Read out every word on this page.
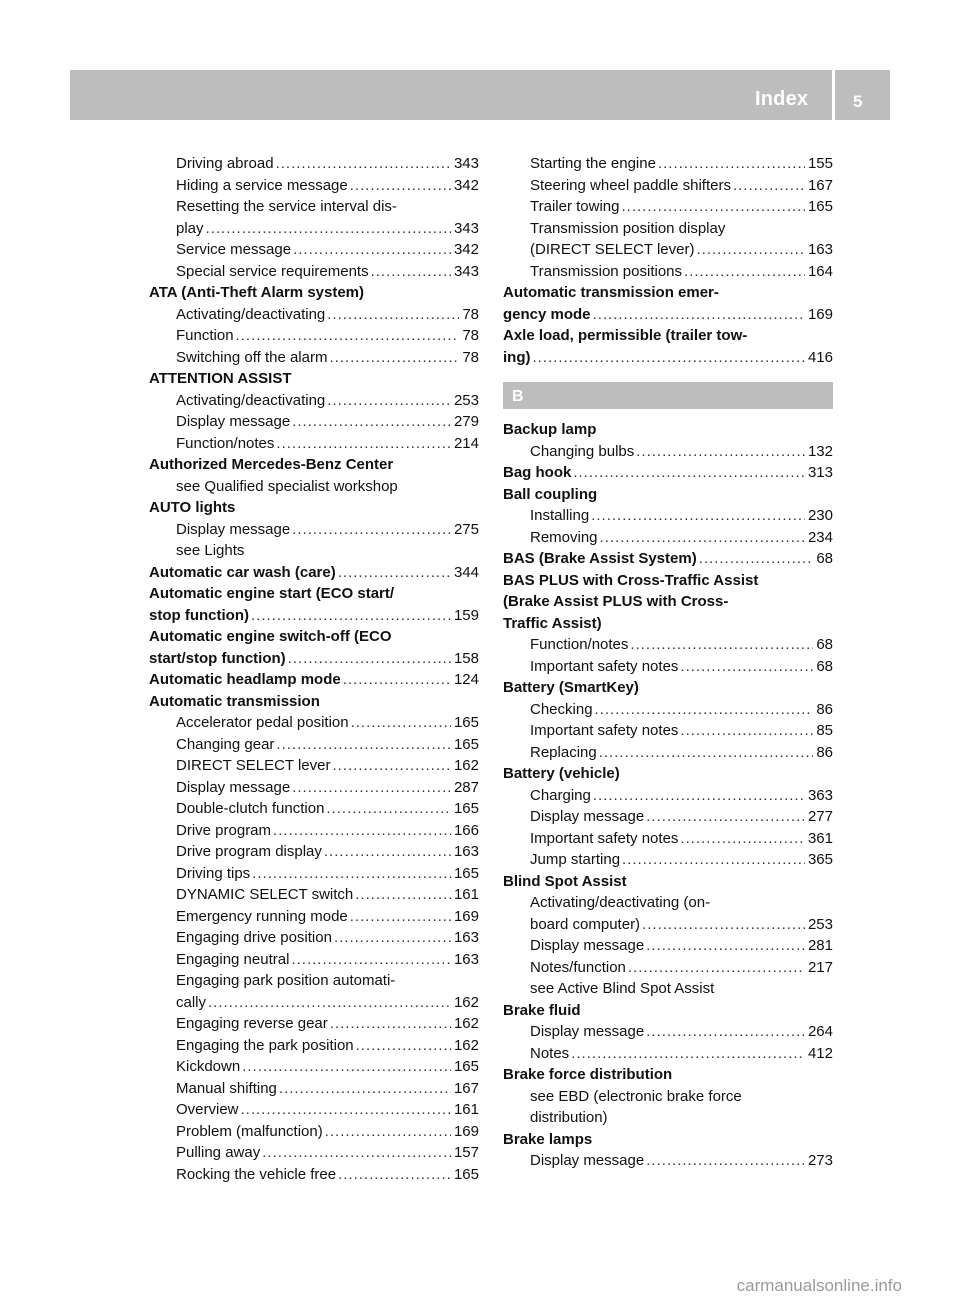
Index	5
Driving abroad .....	343
Hiding a service message .....	342
Resetting the service interval dis-
play .....	343
Service message .....	342
Special service requirements .....	343
ATA (Anti-Theft Alarm system)
Activating/deactivating .....	78
Function .....	78
Switching off the alarm .....	78
ATTENTION ASSIST
Activating/deactivating .....	253
Display message .....	279
Function/notes .....	214
Authorized Mercedes-Benz Center
see Qualified specialist workshop
AUTO lights
Display message .....	275
see Lights
Automatic car wash (care) .....	344
Automatic engine start (ECO start/
stop function) .....	159
Automatic engine switch-off (ECO
start/stop function) .....	158
Automatic headlamp mode .....	124
Automatic transmission
Accelerator pedal position .....	165
Changing gear .....	165
DIRECT SELECT lever .....	162
Display message .....	287
Double-clutch function .....	165
Drive program .....	166
Drive program display .....	163
Driving tips .....	165
DYNAMIC SELECT switch .....	161
Emergency running mode .....	169
Engaging drive position .....	163
Engaging neutral .....	163
Engaging park position automati-
cally .....	162
Engaging reverse gear .....	162
Engaging the park position .....	162
Kickdown .....	165
Manual shifting .....	167
Overview .....	161
Problem (malfunction) .....	169
Pulling away .....	157
Rocking the vehicle free .....	165
Starting the engine .....	155
Steering wheel paddle shifters .....	167
Trailer towing .....	165
Transmission position display
(DIRECT SELECT lever) .....	163
Transmission positions .....	164
Automatic transmission emer-
gency mode .....	169
Axle load, permissible (trailer tow-
ing) .....	416
B
Backup lamp
Changing bulbs .....	132
Bag hook .....	313
Ball coupling
Installing .....	230
Removing .....	234
BAS (Brake Assist System) .....	68
BAS PLUS with Cross-Traffic Assist
(Brake Assist PLUS with Cross-
Traffic Assist)
Function/notes .....	68
Important safety notes .....	68
Battery (SmartKey)
Checking .....	86
Important safety notes .....	85
Replacing .....	86
Battery (vehicle)
Charging .....	363
Display message .....	277
Important safety notes .....	361
Jump starting .....	365
Blind Spot Assist
Activating/deactivating (on-
board computer) .....	253
Display message .....	281
Notes/function .....	217
see Active Blind Spot Assist
Brake fluid
Display message .....	264
Notes .....	412
Brake force distribution
see EBD (electronic brake force
distribution)
Brake lamps
Display message .....	273
carmanualsonline.info
